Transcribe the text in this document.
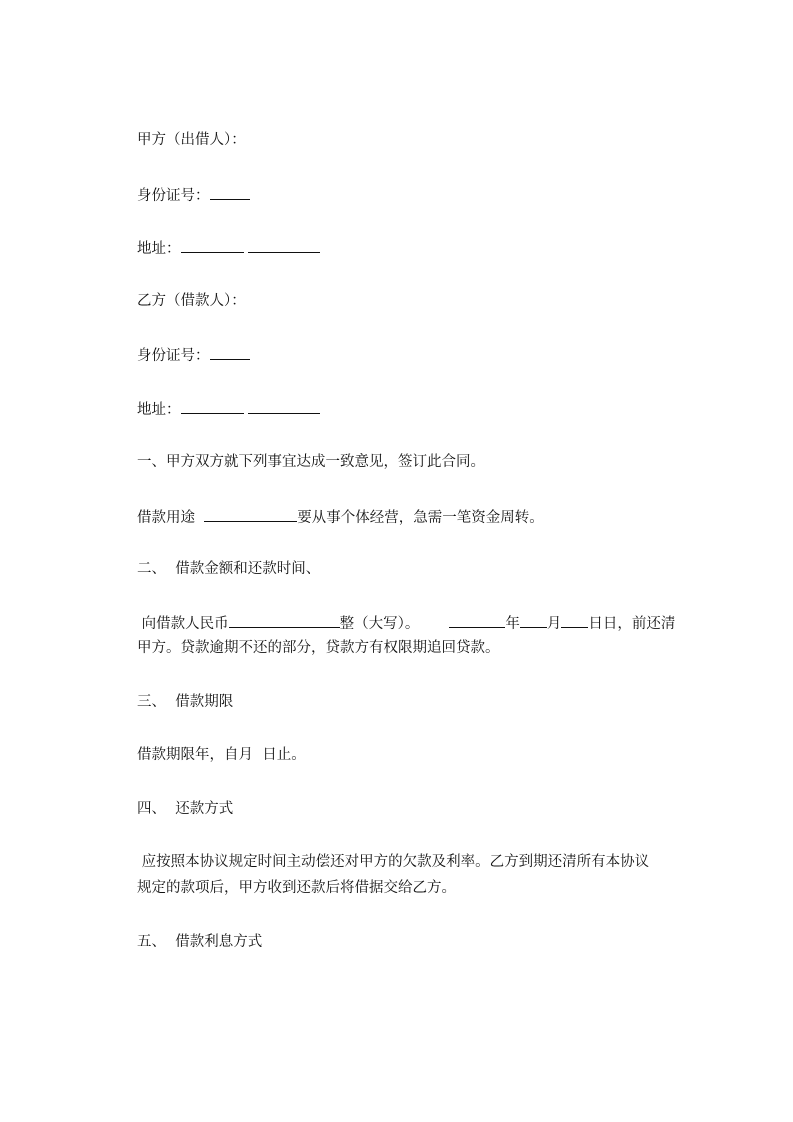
甲方（出借人）：
身份证号：
地址：
乙方（借款人）：
身份证号：
地址：
一、甲方双方就下列事宜达成一致意见，签订此合同。
借款用途	要从事个体经营，急需一笔资金周转。
二、  借款金额和还款时间、
向借款人民币	整（大写）。	年 月 日日，前还清
甲方。贷款逾期不还的部分，贷款方有权限期追回贷款。
三、  借款期限
借款期限年，自月  日止。
四、  还款方式
应按照本协议规定时间主动偿还对甲方的欠款及利率。乙方到期还清所有本协议
规定的款项后，甲方收到还款后将借据交给乙方。
五、  借款利息方式
